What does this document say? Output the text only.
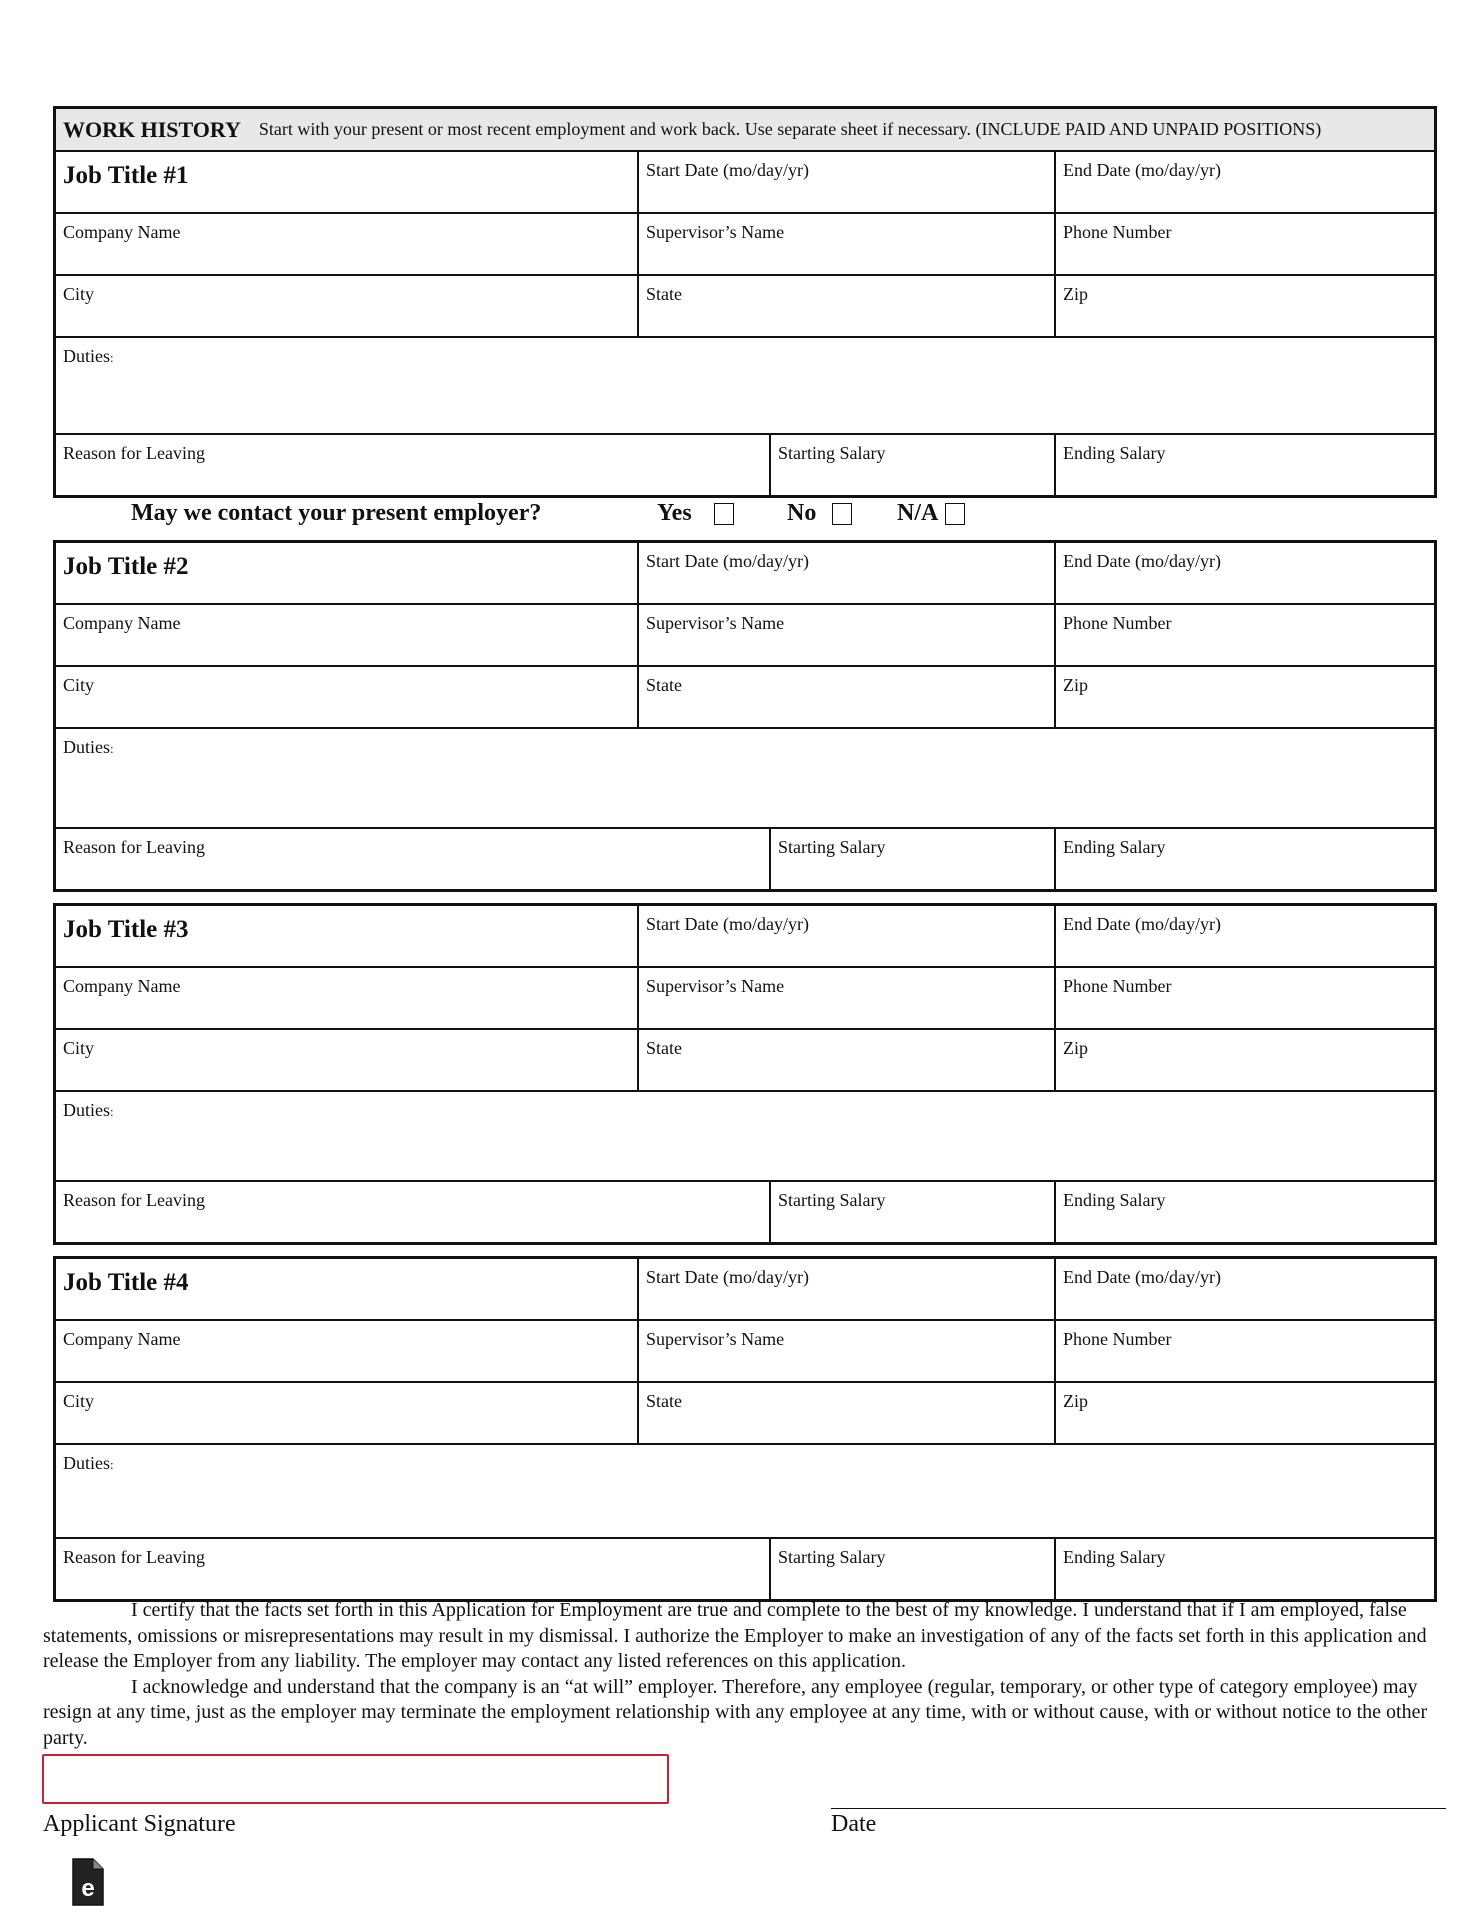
WORK HISTORY Start with your present or most recent employment and work back. Use separate sheet if necessary. (INCLUDE PAID AND UNPAID POSITIONS)
Job Title #1	Start Date (mo/day/yr)	End Date (mo/day/yr)
Company Name	Supervisor’s Name	Phone Number
City	State	Zip
Duties:
Reason for Leaving	Starting Salary	Ending Salary
May we contact your present employer?	Yes	No	N/A
Job Title #2	Start Date (mo/day/yr)	End Date (mo/day/yr)
Company Name	Supervisor’s Name	Phone Number
City	State	Zip
Duties:
Reason for Leaving	Starting Salary	Ending Salary
Job Title #3	Start Date (mo/day/yr)	End Date (mo/day/yr)
Company Name	Supervisor’s Name	Phone Number
City	State	Zip
Duties:
Reason for Leaving	Starting Salary	Ending Salary
Job Title #4	Start Date (mo/day/yr)	End Date (mo/day/yr)
Company Name	Supervisor’s Name	Phone Number
City	State	Zip
Duties:
Reason for Leaving	Starting Salary	Ending Salary

I certify that the facts set forth in this Application for Employment are true and complete to the best of my knowledge. I understand that if I am employed, false statements, omissions or misrepresentations may result in my dismissal. I authorize the Employer to make an investigation of any of the facts set forth in this application and release the Employer from any liability. The employer may contact any listed references on this application.

I acknowledge and understand that the company is an “at will” employer. Therefore, any employee (regular, temporary, or other type of category employee) may resign at any time, just as the employer may terminate the employment relationship with any employee at any time, with or without cause, with or without notice to the other party.

Applicant Signature	Date
e
